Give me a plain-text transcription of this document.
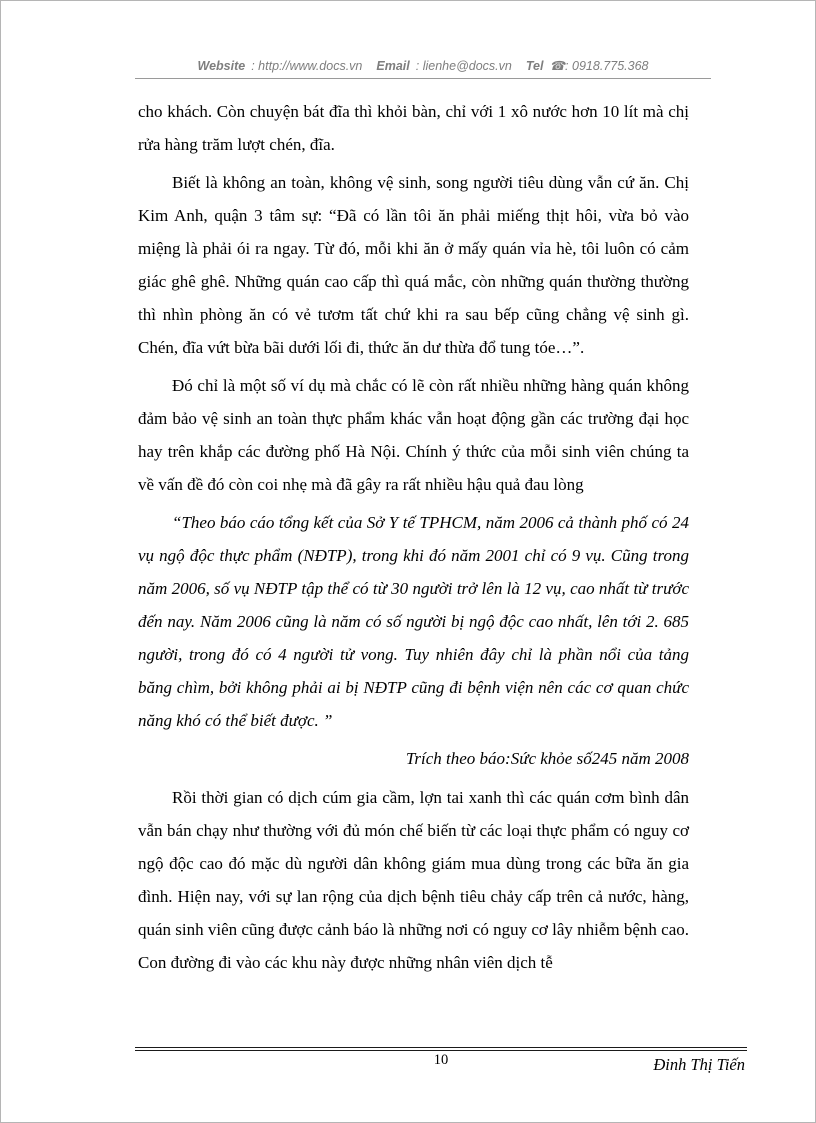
Website : http://www.docs.vn Email : lienhe@docs.vn Tel ☎: 0918.775.368

cho khách. Còn chuyện bát đĩa thì khỏi bàn, chỉ với 1 xô nước hơn 10 lít mà chị rửa hàng trăm lượt chén, đĩa.

Biết là không an toàn, không vệ sinh, song người tiêu dùng vẫn cứ ăn. Chị Kim Anh, quận 3 tâm sự: “Đã có lần tôi ăn phải miếng thịt hôi, vừa bỏ vào miệng là phải ói ra ngay. Từ đó, mỗi khi ăn ở mấy quán vỉa hè, tôi luôn có cảm giác ghê ghê. Những quán cao cấp thì quá mắc, còn những quán thường thường thì nhìn phòng ăn có vẻ tươm tất chứ khi ra sau bếp cũng chẳng vệ sinh gì. Chén, đĩa vứt bừa bãi dưới lối đi, thức ăn dư thừa đổ tung tóe…”.

Đó chỉ là một số ví dụ mà chắc có lẽ còn rất nhiều những hàng quán không đảm bảo vệ sinh an toàn thực phẩm khác vẫn hoạt động gần các trường đại học hay trên khắp các đường phố Hà Nội. Chính ý thức của mỗi sinh viên chúng ta về vấn đề đó còn coi nhẹ mà đã gây ra rất nhiều hậu quả đau lòng

“Theo báo cáo tổng kết của Sở Y tế TPHCM, năm 2006 cả thành phố có 24 vụ ngộ độc thực phẩm (NĐTP), trong khi đó năm 2001 chỉ có 9 vụ. Cũng trong năm 2006, số vụ NĐTP tập thể có từ 30 người trở lên là 12 vụ, cao nhất từ trước đến nay. Năm 2006 cũng là năm có số người bị ngộ độc cao nhất, lên tới 2. 685 người, trong đó có 4 người tử vong. Tuy nhiên đây chỉ là phần nổi của tảng băng chìm, bởi không phải ai bị NĐTP cũng đi bệnh viện nên các cơ quan chức năng khó có thể biết được. ”

Trích theo báo:Sức khỏe số245 năm 2008

Rồi thời gian có dịch cúm gia cầm, lợn tai xanh thì các quán cơm bình dân vẫn bán chạy như thường với đủ món chế biến từ các loại thực phẩm có nguy cơ ngộ độc cao đó mặc dù người dân không giám mua dùng trong các bữa ăn gia đình. Hiện nay, với sự lan rộng của dịch bệnh tiêu chảy cấp trên cả nước, hàng, quán sinh viên cũng được cảnh báo là những nơi có nguy cơ lây nhiễm bệnh cao. Con đường đi vào các khu này được những nhân viên dịch tễ

10	Đinh Thị Tiến
